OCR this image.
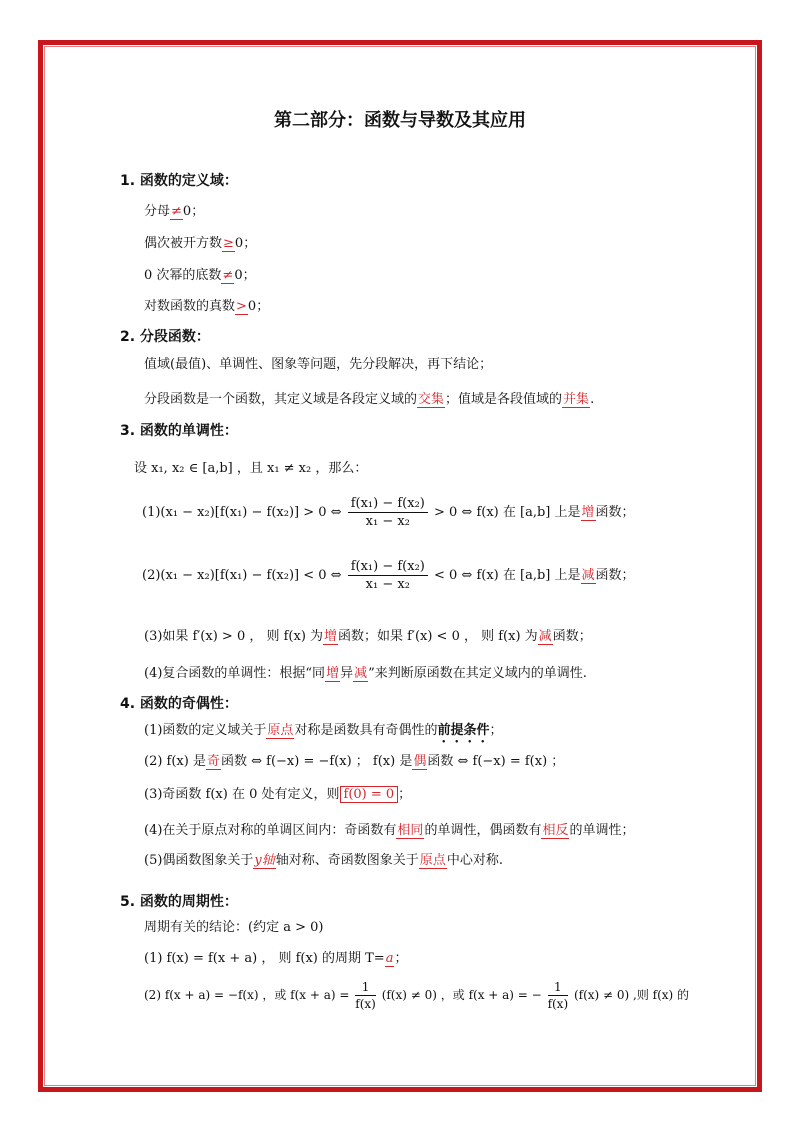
第二部分：函数与导数及其应用
1. 函数的定义域：
分母≠0；
偶次被开方数≥0；
0 次幂的底数≠0；
对数函数的真数>0；
2. 分段函数：
值域(最值)、单调性、图象等问题，先分段解决，再下结论；
分段函数是一个函数，其定义域是各段定义域的交集；值域是各段值域的并集.
3. 函数的单调性：
设 x₁, x₂ ∈ [a,b] ，且 x₁ ≠ x₂ ，那么：
(1)(x₁ − x₂)[f(x₁) − f(x₂)] > 0 ⇔ $\frac{\text{f(x₁) − f(x₂)}}{\text{x₁ − x₂}} > 0$ ⇔ f(x) 在 [a,b] 上是增函数；
(2)(x₁ − x₂)[f(x₁) − f(x₂)] < 0 ⇔ $\frac{\text{f(x₁) − f(x₂)}}{\text{x₁ − x₂}} < 0$ ⇔ f(x) 在 [a,b] 上是减函数；
(3)如果 f′(x) > 0 ， 则 f(x) 为增函数；如果 f′(x) < 0 ， 则 f(x) 为减函数；
(4)复合函数的单调性：根据“同增异减”来判断原函数在其定义域内的单调性.
4. 函数的奇偶性：
(1)函数的定义域关于原点对称是函数具有奇偶性的前提条件；
(2) f(x) 是奇函数 ⇔ f(−x) = −f(x) ； f(x) 是偶函数 ⇔ f(−x) = f(x) ；
(3)奇函数 f(x) 在 0 处有定义，则 f(0) = 0 ；
(4)在关于原点对称的单调区间内：奇函数有相同的单调性，偶函数有相反的单调性；
(5)偶函数图象关于y轴轴对称、奇函数图象关于原点中心对称.
5. 函数的周期性：
周期有关的结论：(约定 a > 0)
(1) f(x) = f(x + a) ， 则 f(x) 的周期 T=a；
(2) f(x + a) = −f(x) ，或 $f(x + a) = \frac{1}{f(x)} (f(x) \ne 0)$ ，或 f(x + a) = − $\frac{1}{f(x)} (f(x) \ne 0)$ ,则 f(x) 的
